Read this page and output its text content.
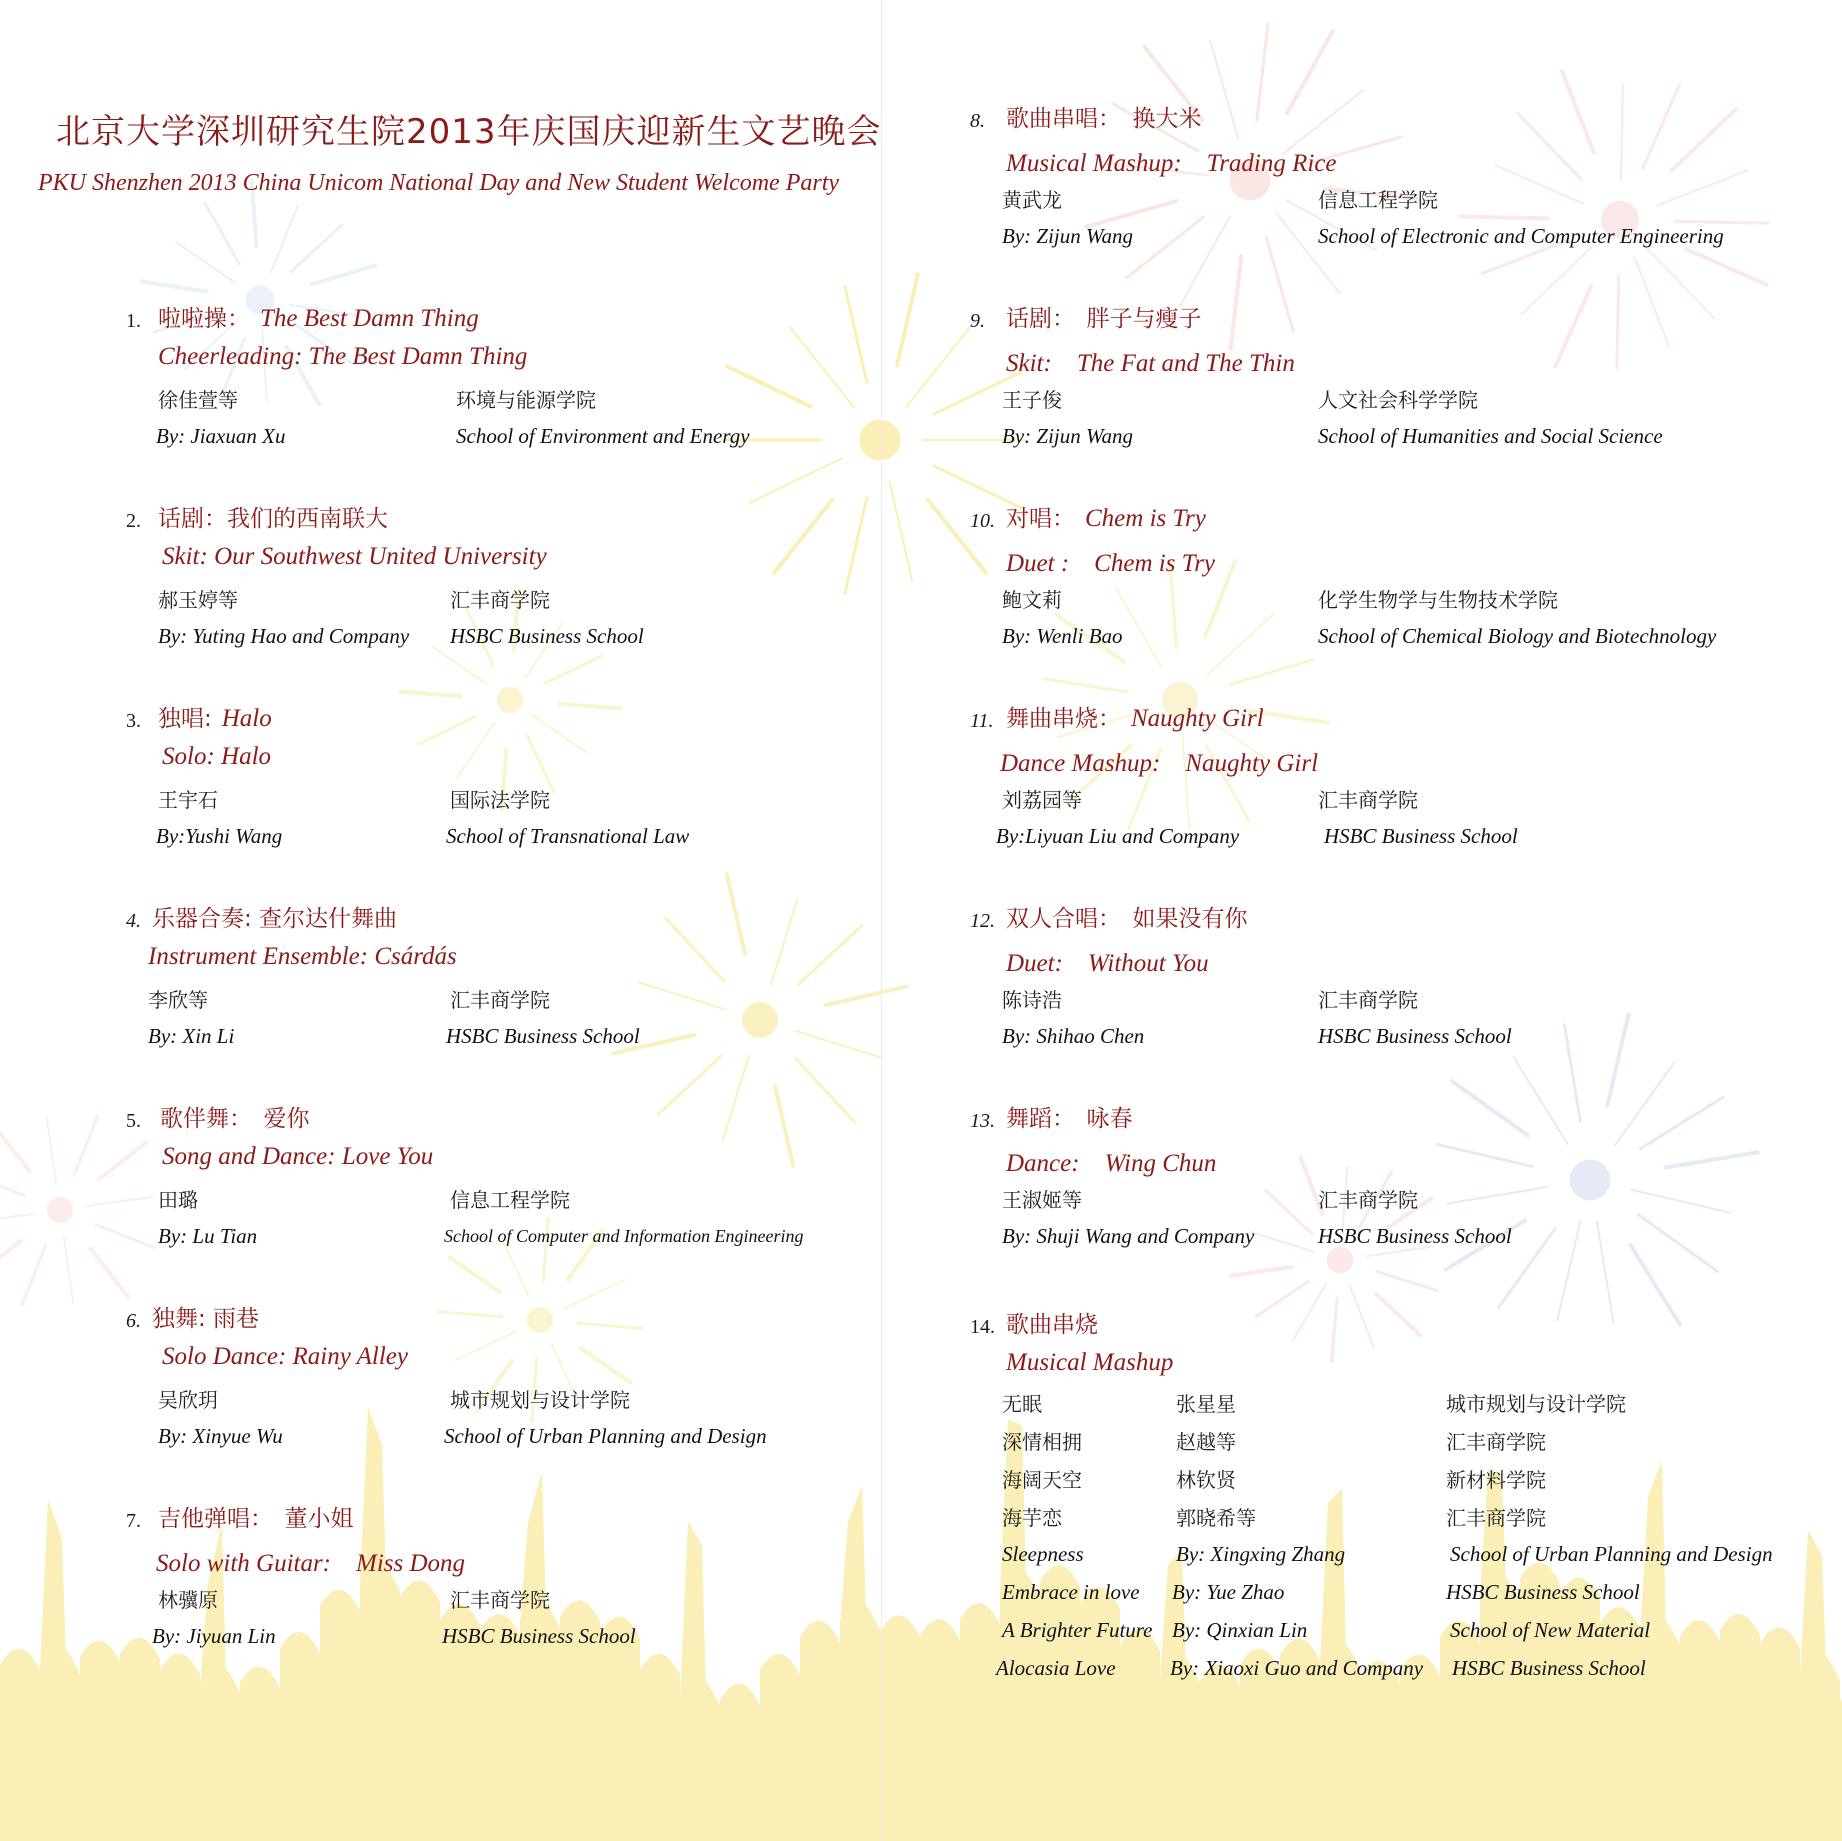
北京大学深圳研究生院2013年庆国庆迎新生文艺晚会
PKU Shenzhen 2013 China Unicom National Day and New Student Welcome Party
1. 啦啦操： The Best Damn Thing
Cheerleading: The Best Damn Thing
徐佳萱等	环境与能源学院
By: Jiaxuan Xu	School of Environment and Energy
2. 话剧：我们的西南联大
Skit: Our Southwest United University
郝玉婷等	汇丰商学院
By: Yuting Hao and Company HSBC Business School
3. 独唱: Halo
Solo: Halo
王宇石	国际法学院
By:Yushi Wang	School of Transnational Law
4. 乐器合奏: 查尔达什舞曲
Instrument Ensemble: Csárdás
李欣等	汇丰商学院
By: Xin Li	HSBC Business School
5. 歌伴舞：　爱你
Song and Dance: Love You
田璐	信息工程学院
By: Lu Tian	School of Computer and Information Engineering
6. 独舞: 雨巷
Solo Dance: Rainy Alley
吴欣玥	城市规划与设计学院
By: Xinyue Wu	School of Urban Planning and Design
7. 吉他弹唱：　董小姐
Solo with Guitar:　Miss Dong
林骥原	汇丰商学院
By: Jiyuan Lin	HSBC Business School
8. 歌曲串唱：　换大米
Musical Mashup:　Trading Rice
黄武龙	信息工程学院
By: Zijun Wang	School of Electronic and Computer Engineering
9. 话剧：　胖子与瘦子
Skit:　The Fat and The Thin
王子俊	人文社会科学学院
By: Zijun Wang	School of Humanities and Social Science
10. 对唱： Chem is Try
Duet :　Chem is Try
鲍文莉	化学生物学与生物技术学院
By: Wenli Bao	School of Chemical Biology and Biotechnology
11. 舞曲串烧： Naughty Girl
Dance Mashup:　Naughty Girl
刘荔园等	汇丰商学院
By:Liyuan Liu and Company	HSBC Business School
12. 双人合唱：　如果没有你
Duet:　Without You
陈诗浩	汇丰商学院
By: Shihao Chen	HSBC Business School
13. 舞蹈：　咏春
Dance:　Wing Chun
王淑姬等	汇丰商学院
By: Shuji Wang and Company	HSBC Business School
14. 歌曲串烧
Musical Mashup
无眠	张星星	城市规划与设计学院
深情相拥	赵越等	汇丰商学院
海阔天空	林钦贤	新材料学院
海芋恋	郭晓希等	汇丰商学院
Sleepness	By: Xingxing Zhang	School of Urban Planning and Design
Embrace in love By: Yue Zhao	HSBC Business School
A Brighter Future By: Qinxian Lin	School of New Material
Alocasia Love	By: Xiaoxi Guo and Company HSBC Business School
